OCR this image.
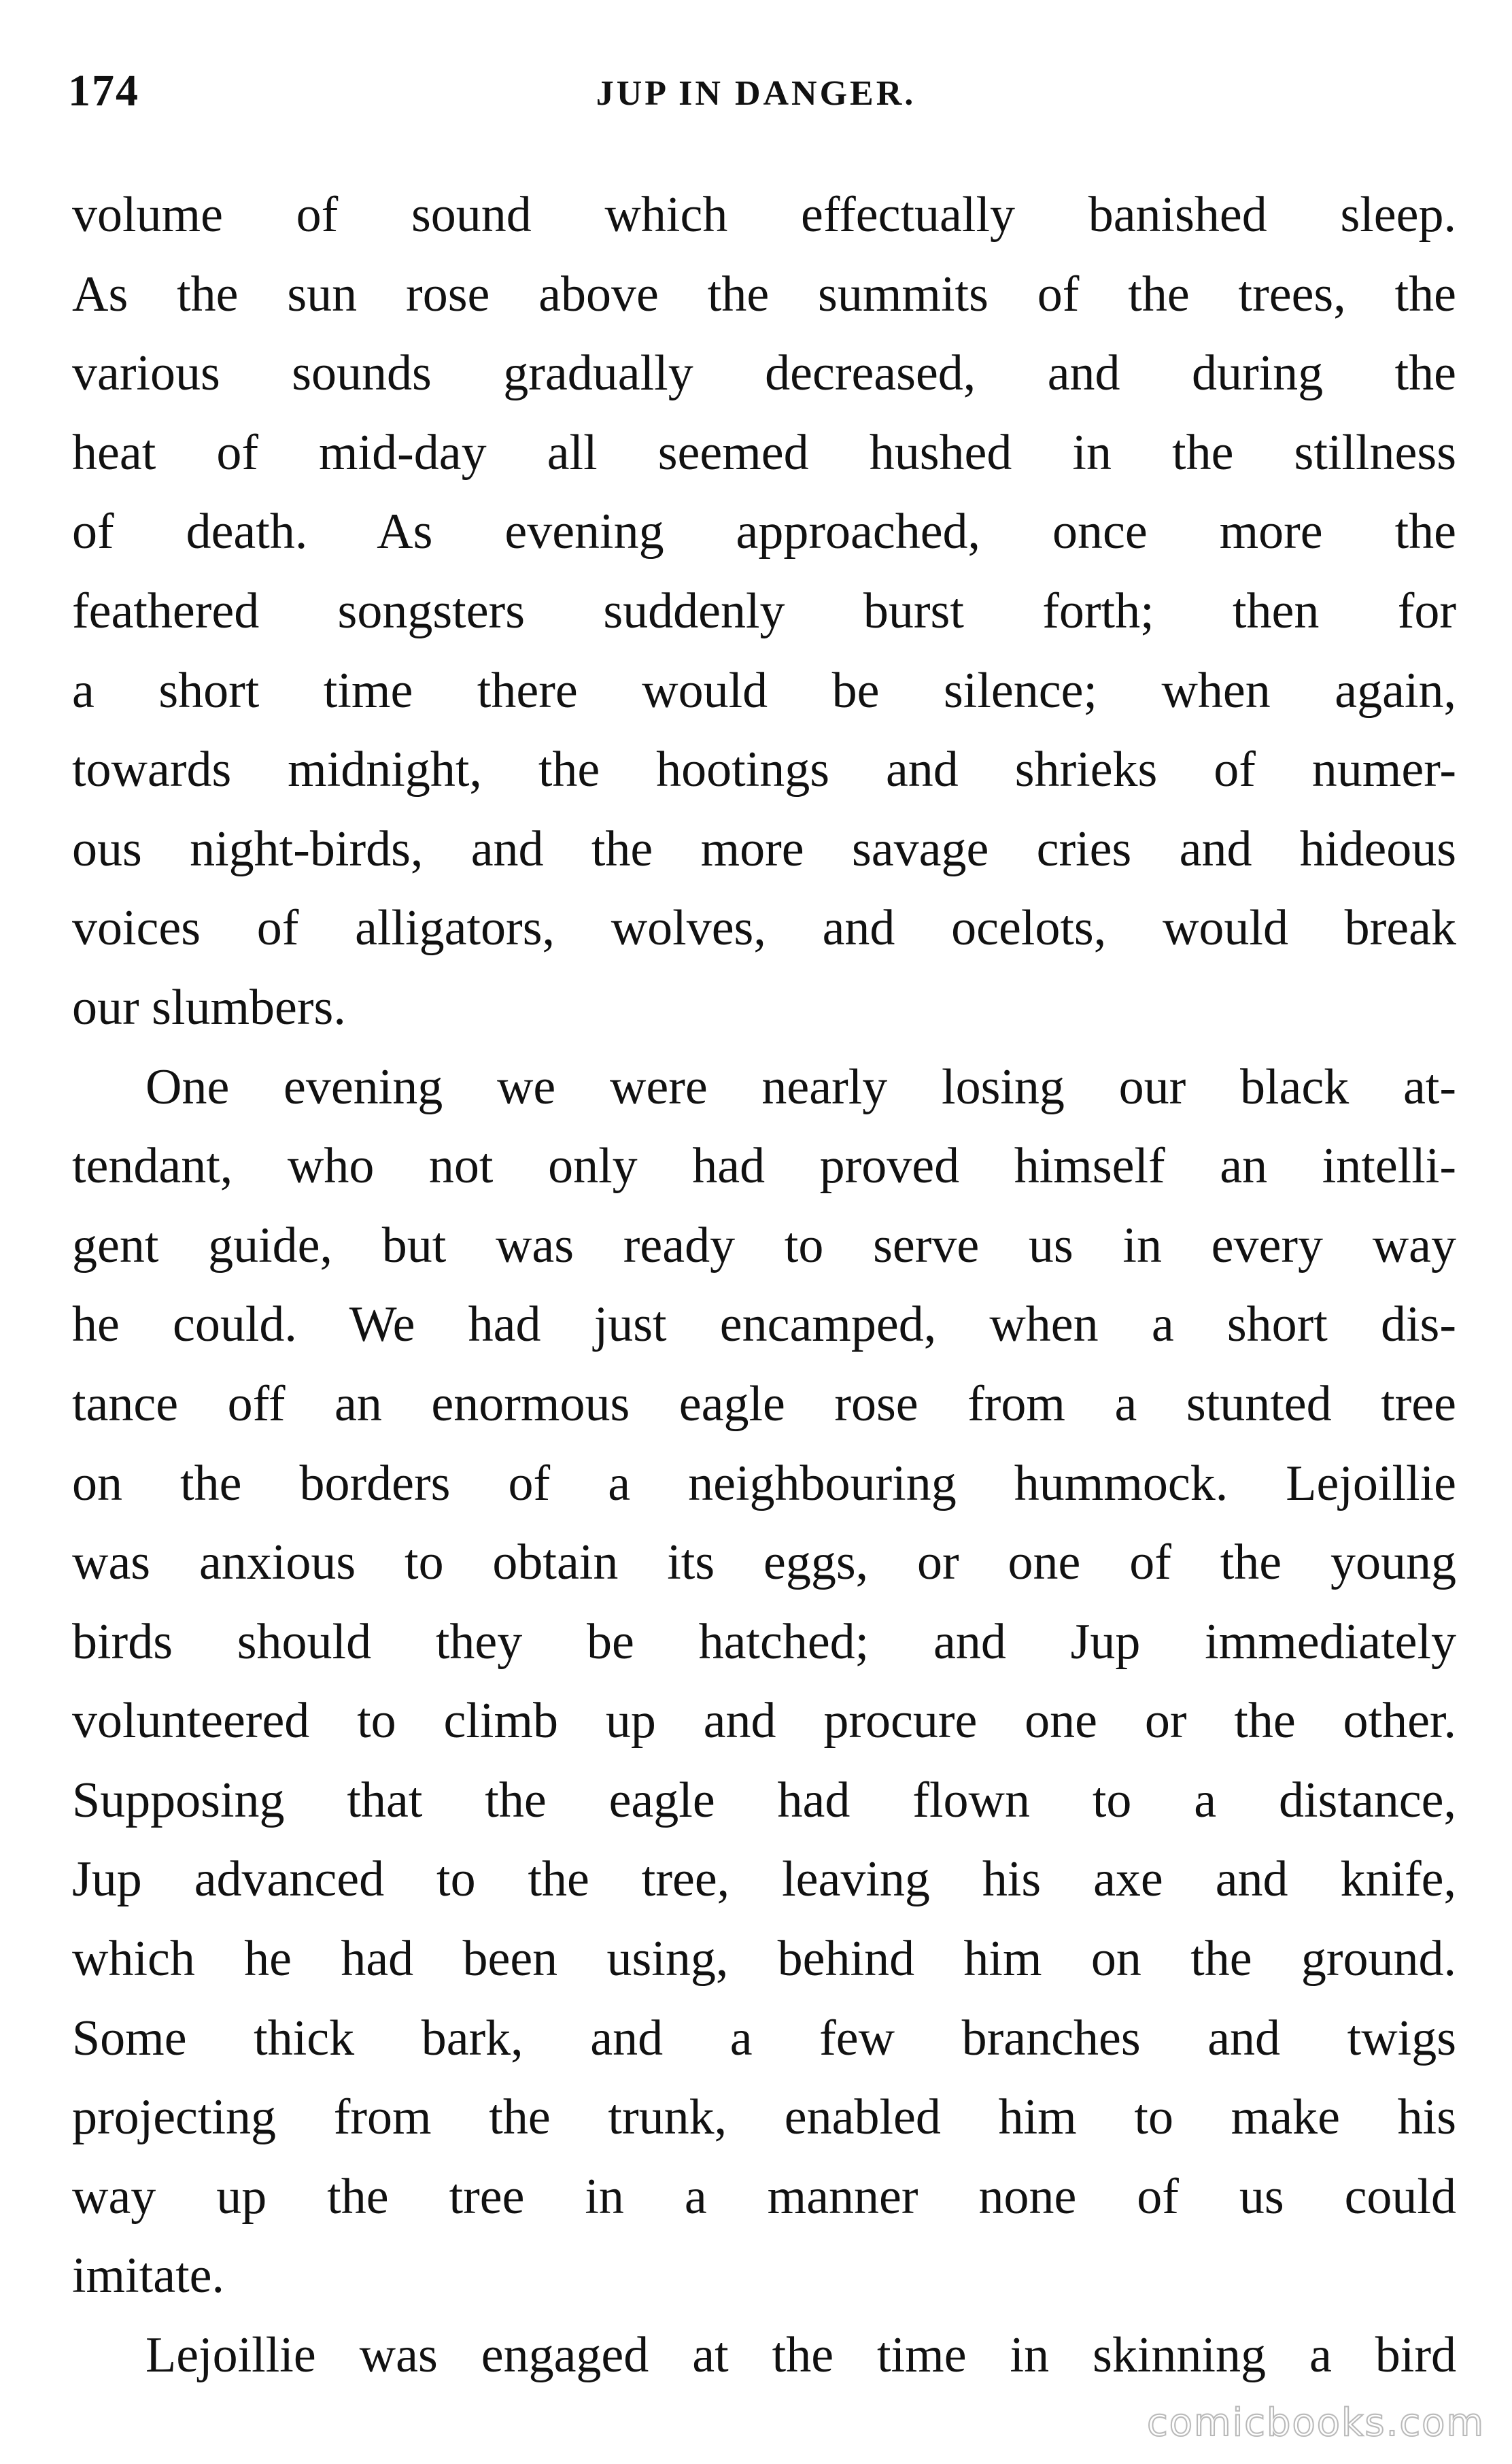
174	JUP IN DANGER.
volume of sound which effectually banished sleep.
As the sun rose above the summits of the trees, the
various sounds gradually decreased, and during the
heat of mid-day all seemed hushed in the stillness
of death. As evening approached, once more the
feathered songsters suddenly burst forth; then for
a short time there would be silence; when again,
towards midnight, the hootings and shrieks of numer-
ous night-birds, and the more savage cries and hideous
voices of alligators, wolves, and ocelots, would break
our slumbers.
One evening we were nearly losing our black at-
tendant, who not only had proved himself an intelli-
gent guide, but was ready to serve us in every way
he could. We had just encamped, when a short dis-
tance off an enormous eagle rose from a stunted tree
on the borders of a neighbouring hummock. Lejoillie
was anxious to obtain its eggs, or one of the young
birds should they be hatched; and Jup immediately
volunteered to climb up and procure one or the other.
Supposing that the eagle had flown to a distance,
Jup advanced to the tree, leaving his axe and knife,
which he had been using, behind him on the ground.
Some thick bark, and a few branches and twigs
projecting from the trunk, enabled him to make his
way up the tree in a manner none of us could
imitate.
Lejoillie was engaged at the time in skinning a bird
comicbooks.com
